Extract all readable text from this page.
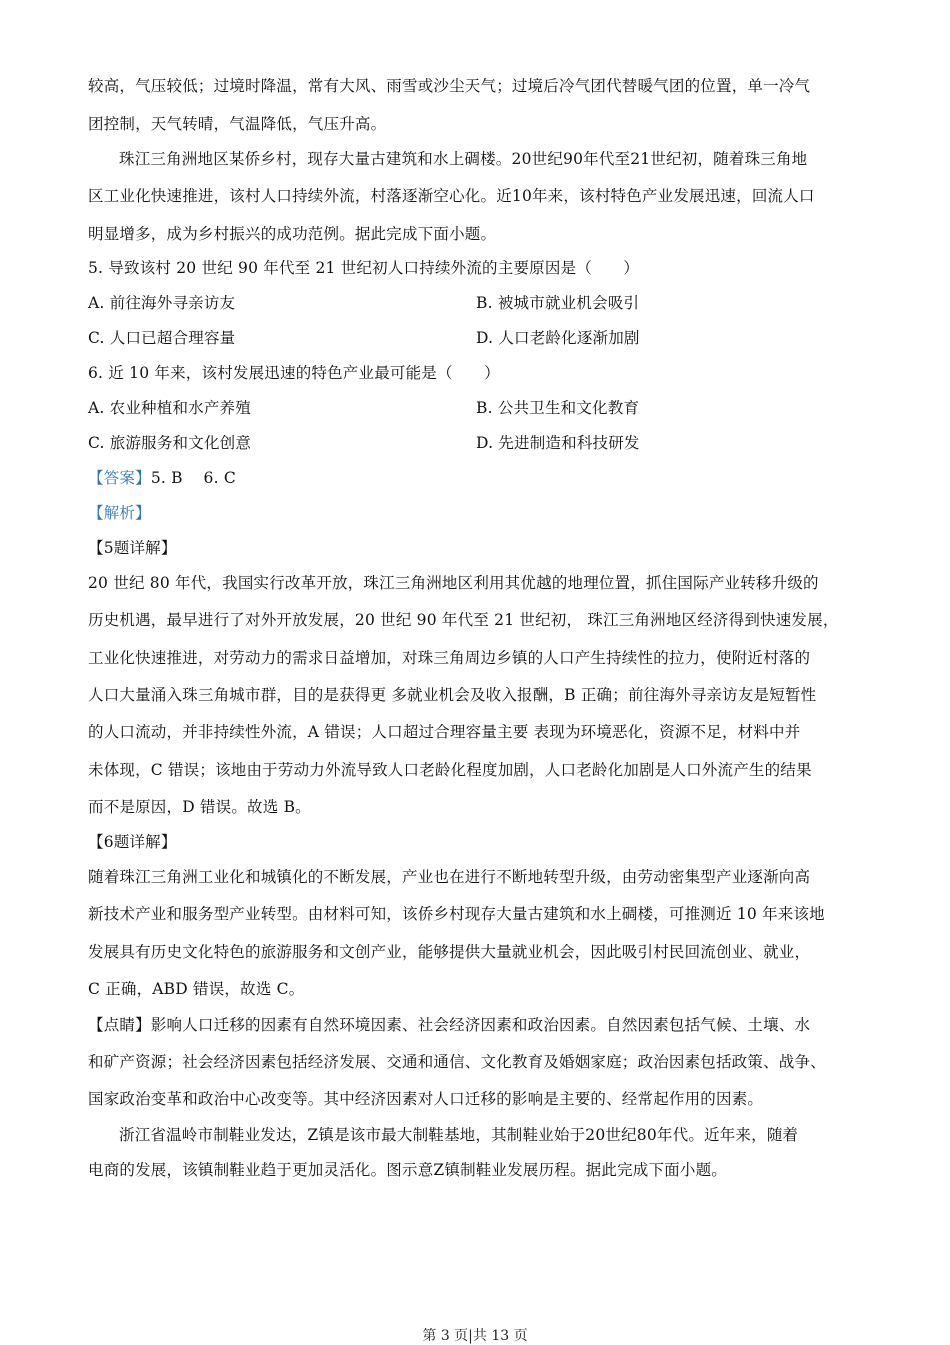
较高，气压较低；过境时降温，常有大风、雨雪或沙尘天气；过境后冷气团代替暖气团的位置，单一冷气
团控制，天气转晴，气温降低，气压升高。
珠江三角洲地区某侨乡村，现存大量古建筑和水上碉楼。20世纪90年代至21世纪初，随着珠三角地
区工业化快速推进，该村人口持续外流，村落逐渐空心化。近10年来，该村特色产业发展迅速，回流人口
明显增多，成为乡村振兴的成功范例。据此完成下面小题。
5. 导致该村 20 世纪 90 年代至 21 世纪初人口持续外流的主要原因是（　　）
A. 前往海外寻亲访友	B. 被城市就业机会吸引
C. 人口已超合理容量	D. 人口老龄化逐渐加剧
6. 近 10 年来，该村发展迅速的特色产业最可能是（　　）
A. 农业种植和水产养殖	B. 公共卫生和文化教育
C. 旅游服务和文化创意	D. 先进制造和科技研发
【答案】5. B　 6. C
【解析】
【5题详解】
20 世纪 80 年代，我国实行改革开放，珠江三角洲地区利用其优越的地理位置，抓住国际产业转移升级的
历史机遇，最早进行了对外开放发展，20 世纪 90 年代至 21 世纪初， 珠江三角洲地区经济得到快速发展，
工业化快速推进，对劳动力的需求日益增加，对珠三角周边乡镇的人口产生持续性的拉力，使附近村落的
人口大量涌入珠三角城市群，目的是获得更 多就业机会及收入报酬，B 正确；前往海外寻亲访友是短暂性
的人口流动，并非持续性外流，A 错误；人口超过合理容量主要 表现为环境恶化，资源不足，材料中并
未体现，C 错误；该地由于劳动力外流导致人口老龄化程度加剧，人口老龄化加剧是人口外流产生的结果
而不是原因，D 错误。故选 B。
【6题详解】
随着珠江三角洲工业化和城镇化的不断发展，产业也在进行不断地转型升级，由劳动密集型产业逐渐向高
新技术产业和服务型产业转型。由材料可知，该侨乡村现存大量古建筑和水上碉楼，可推测近 10 年来该地
发展具有历史文化特色的旅游服务和文创产业，能够提供大量就业机会，因此吸引村民回流创业、就业，
C 正确，ABD 错误，故选 C。
【点睛】影响人口迁移的因素有自然环境因素、社会经济因素和政治因素。自然因素包括气候、土壤、水
和矿产资源；社会经济因素包括经济发展、交通和通信、文化教育及婚姻家庭；政治因素包括政策、战争、
国家政治变革和政治中心改变等。其中经济因素对人口迁移的影响是主要的、经常起作用的因素。
浙江省温岭市制鞋业发达，Z镇是该市最大制鞋基地，其制鞋业始于20世纪80年代。近年来，随着
电商的发展，该镇制鞋业趋于更加灵活化。图示意Z镇制鞋业发展历程。据此完成下面小题。
第 3 页|共 13 页
